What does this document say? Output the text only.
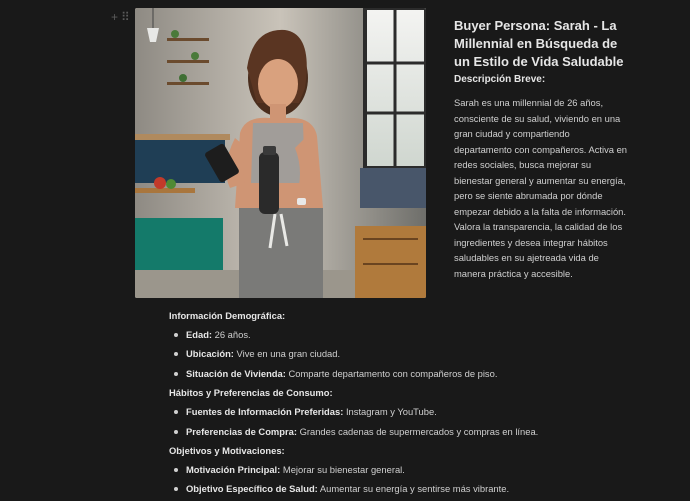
+ ⠿
Buyer Persona: Sarah - La Millennial en Búsqueda de un Estilo de Vida Saludable
Descripción Breve:

Sarah es una millennial de 26 años, consciente de su salud, viviendo en una gran ciudad y compartiendo departamento con compañeros. Activa en redes sociales, busca mejorar su bienestar general y aumentar su energía, pero se siente abrumada por dónde empezar debido a la falta de información. Valora la transparencia, la calidad de los ingredientes y desea integrar hábitos saludables en su ajetreada vida de manera práctica y accesible.

Información Demográfica:
Edad: 26 años.
Ubicación: Vive en una gran ciudad.
Situación de Vivienda: Comparte departamento con compañeros de piso.
Hábitos y Preferencias de Consumo:
Fuentes de Información Preferidas: Instagram y YouTube.
Preferencias de Compra: Grandes cadenas de supermercados y compras en línea.
Objetivos y Motivaciones:
Motivación Principal: Mejorar su bienestar general.
Objetivo Específico de Salud: Aumentar su energía y sentirse más vibrante.
